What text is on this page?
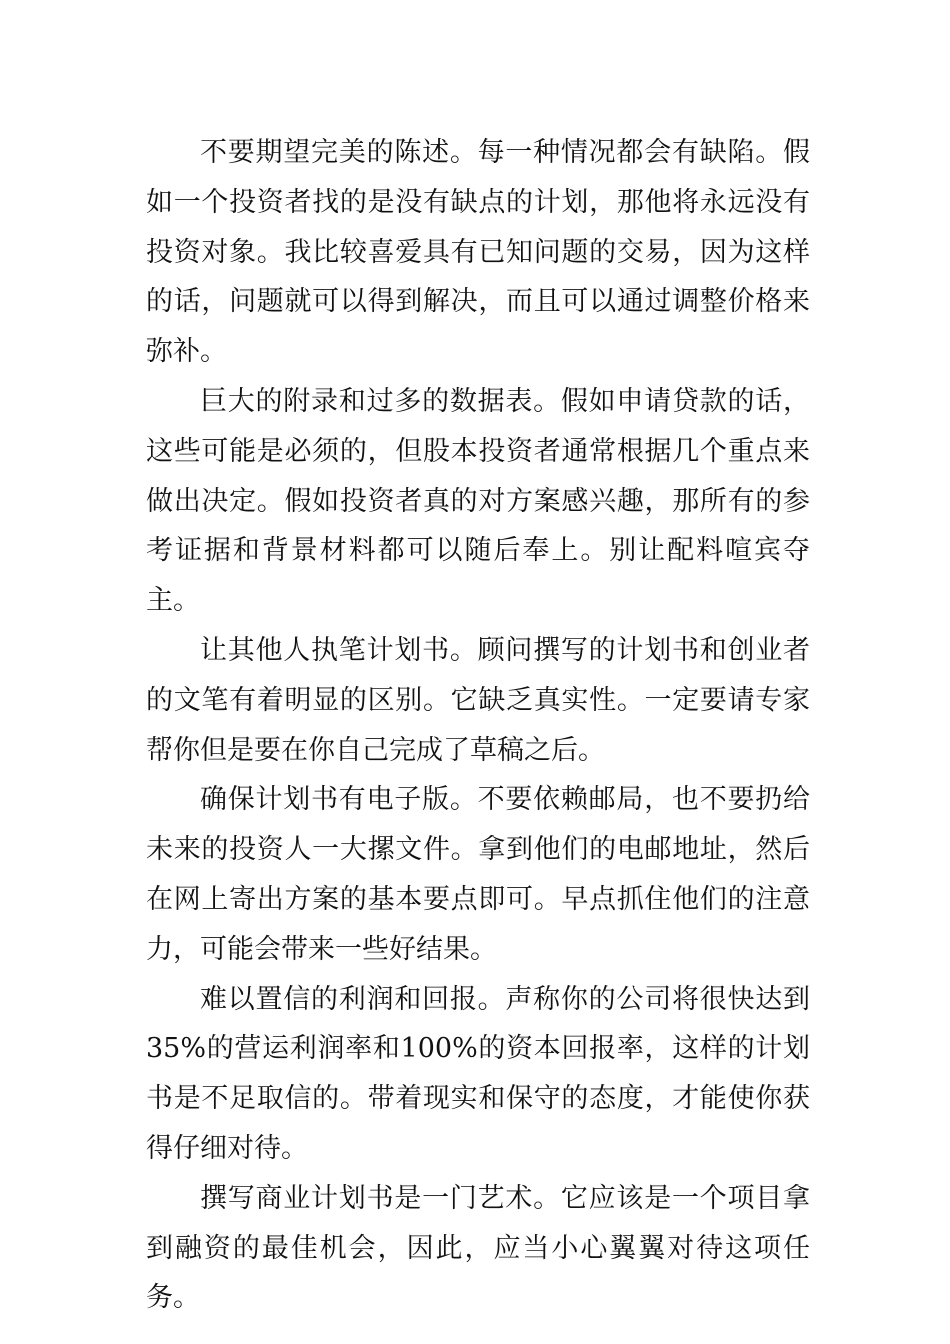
不要期望完美的陈述。每一种情况都会有缺陷。假如一个投资者找的是没有缺点的计划，那他将永远没有投资对象。我比较喜爱具有已知问题的交易，因为这样的话，问题就可以得到解决，而且可以通过调整价格来弥补。

巨大的附录和过多的数据表。假如申请贷款的话，这些可能是必须的，但股本投资者通常根据几个重点来做出决定。假如投资者真的对方案感兴趣，那所有的参考证据和背景材料都可以随后奉上。别让配料喧宾夺主。

让其他人执笔计划书。顾问撰写的计划书和创业者的文笔有着明显的区别。它缺乏真实性。一定要请专家帮你但是要在你自己完成了草稿之后。

确保计划书有电子版。不要依赖邮局，也不要扔给未来的投资人一大摞文件。拿到他们的电邮地址，然后在网上寄出方案的基本要点即可。早点抓住他们的注意力，可能会带来一些好结果。

难以置信的利润和回报。声称你的公司将很快达到35%的营运利润率和100%的资本回报率，这样的计划书是不足取信的。带着现实和保守的态度，才能使你获得仔细对待。

撰写商业计划书是一门艺术。它应该是一个项目拿到融资的最佳机会，因此，应当小心翼翼对待这项任务。
